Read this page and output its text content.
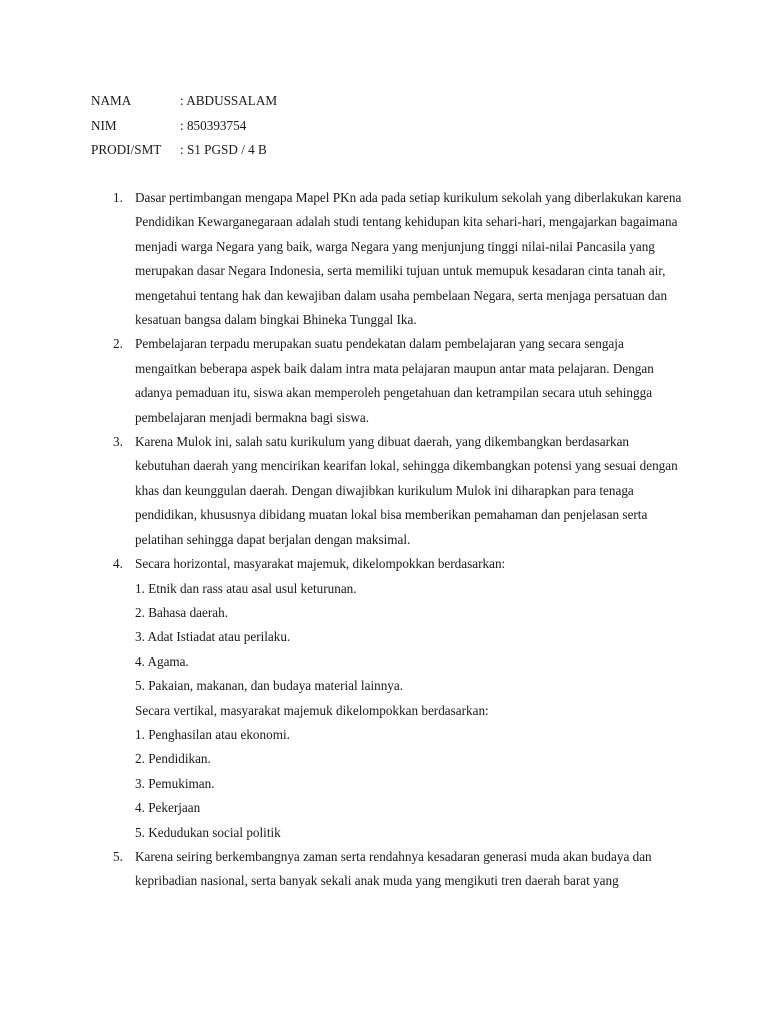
NAMA	: ABDUSSALAM
NIM	: 850393754
PRODI/SMT	: S1 PGSD / 4 B
1. Dasar pertimbangan mengapa Mapel PKn ada pada setiap kurikulum sekolah yang diberlakukan karena Pendidikan Kewarganegaraan adalah studi tentang kehidupan kita sehari-hari, mengajarkan bagaimana menjadi warga Negara yang baik, warga Negara yang menjunjung tinggi nilai-nilai Pancasila yang merupakan dasar Negara Indonesia, serta memiliki tujuan untuk memupuk kesadaran cinta tanah air, mengetahui tentang hak dan kewajiban dalam usaha pembelaan Negara, serta menjaga persatuan dan kesatuan bangsa dalam bingkai Bhineka Tunggal Ika.

2. Pembelajaran terpadu merupakan suatu pendekatan dalam pembelajaran yang secara sengaja mengaitkan beberapa aspek baik dalam intra mata pelajaran maupun antar mata pelajaran. Dengan adanya pemaduan itu, siswa akan memperoleh pengetahuan dan ketrampilan secara utuh sehingga pembelajaran menjadi bermakna bagi siswa.

3. Karena Mulok ini, salah satu kurikulum yang dibuat daerah, yang dikembangkan berdasarkan kebutuhan daerah yang mencirikan kearifan lokal, sehingga dikembangkan potensi yang sesuai dengan khas dan keunggulan daerah. Dengan diwajibkan kurikulum Mulok ini diharapkan para tenaga pendidikan, khususnya dibidang muatan lokal bisa memberikan pemahaman dan penjelasan serta pelatihan sehingga dapat berjalan dengan maksimal.

4. Secara horizontal, masyarakat majemuk, dikelompokkan berdasarkan:
1. Etnik dan rass atau asal usul keturunan.
2. Bahasa daerah.
3. Adat Istiadat atau perilaku.
4. Agama.
5. Pakaian, makanan, dan budaya material lainnya.
Secara vertikal, masyarakat majemuk dikelompokkan berdasarkan:
1. Penghasilan atau ekonomi.
2. Pendidikan.
3. Pemukiman.
4. Pekerjaan
5. Kedudukan social politik
5. Karena seiring berkembangnya zaman serta rendahnya kesadaran generasi muda akan budaya dan kepribadian nasional, serta banyak sekali anak muda yang mengikuti tren daerah barat yang
